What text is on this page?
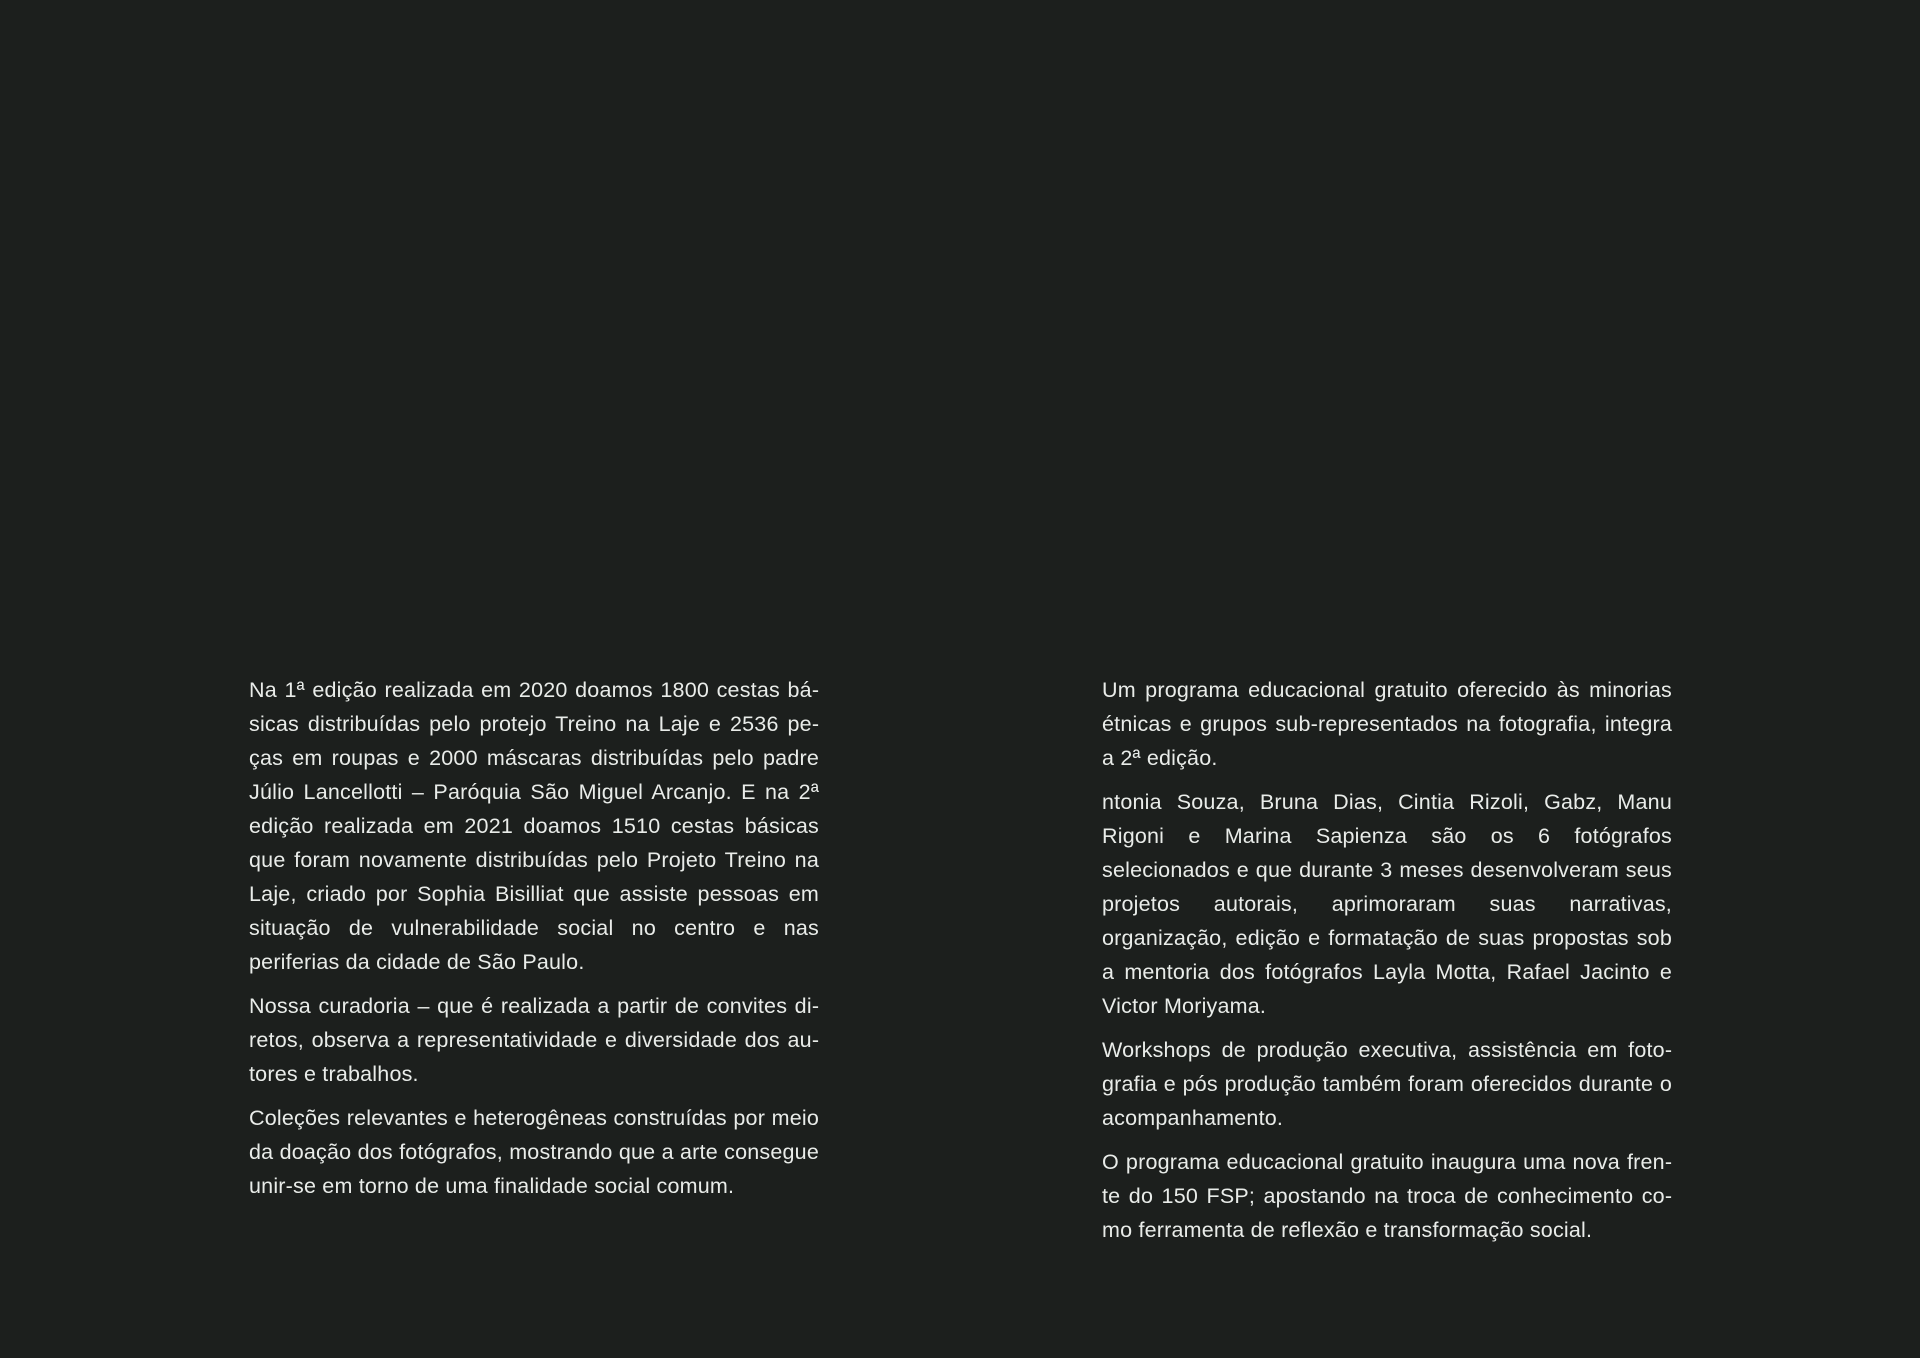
Na 1ª edição realizada em 2020 doamos 1800 cestas básicas distribuídas pelo protejo Treino na Laje e 2536 peças em roupas e 2000 máscaras distribuídas pelo padre Júlio Lancellotti – Paróquia São Miguel Arcanjo. E na 2ª edição realizada em 2021 doamos 1510 cestas básicas que foram novamente distribuídas pelo Projeto Treino na Laje, criado por Sophia Bisilliat que assiste pessoas em situação de vulnerabilidade social no centro e nas periferias da cidade de São Paulo.

Nossa curadoria – que é realizada a partir de convites diretos, observa a representatividade e diversidade dos autores e trabalhos.

Coleções relevantes e heterogêneas construídas por meio da doação dos fotógrafos, mostrando que a arte consegue unir-se em torno de uma finalidade social comum.

Um programa educacional gratuito oferecido às minorias étnicas e grupos sub-representados na fotografia, integra a 2ª edição.

ntonia Souza, Bruna Dias, Cintia Rizoli, Gabz, Manu Rigoni e Marina Sapienza são os 6 fotógrafos selecionados e que durante 3 meses desenvolveram seus projetos autorais, aprimoraram suas narrativas, organização, edição e formatação de suas propostas sob a mentoria dos fotógrafos Layla Motta, Rafael Jacinto e Victor Moriyama.

Workshops de produção executiva, assistência em fotografia e pós produção também foram oferecidos durante o acompanhamento.

O programa educacional gratuito inaugura uma nova frente do 150 FSP; apostando na troca de conhecimento como ferramenta de reflexão e transformação social.
